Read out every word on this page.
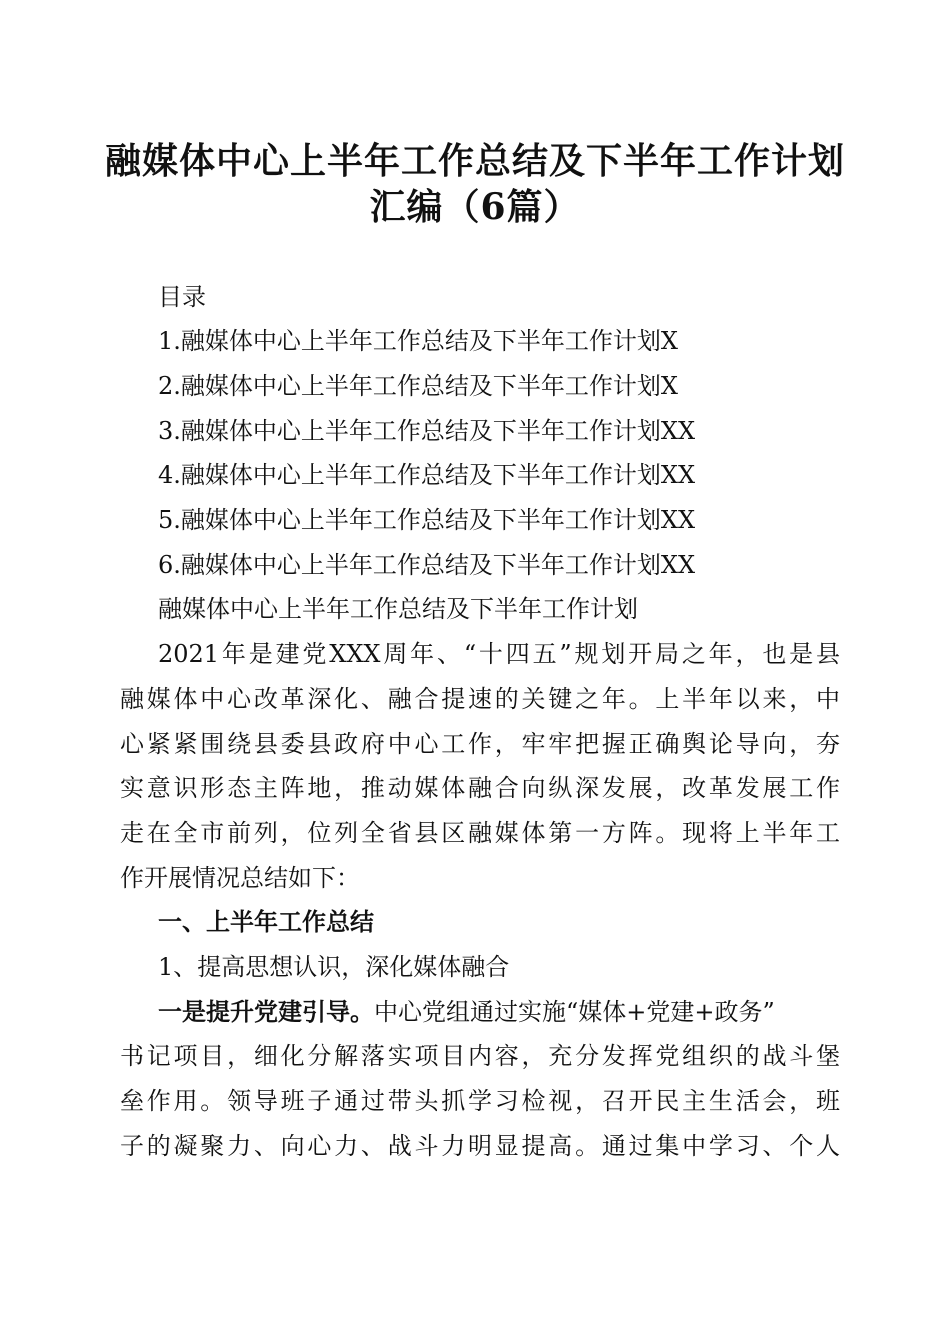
融媒体中心上半年工作总结及下半年工作计划
汇编（6篇）
目录
1.融媒体中心上半年工作总结及下半年工作计划X
2.融媒体中心上半年工作总结及下半年工作计划X
3.融媒体中心上半年工作总结及下半年工作计划XX
4.融媒体中心上半年工作总结及下半年工作计划XX
5.融媒体中心上半年工作总结及下半年工作计划XX
6.融媒体中心上半年工作总结及下半年工作计划XX
融媒体中心上半年工作总结及下半年工作计划
2021年是建党XXX周年、“十四五”规划开局之年，也是县
融媒体中心改革深化、融合提速的关键之年。上半年以来，中
心紧紧围绕县委县政府中心工作，牢牢把握正确舆论导向，夯
实意识形态主阵地，推动媒体融合向纵深发展，改革发展工作
走在全市前列，位列全省县区融媒体第一方阵。现将上半年工
作开展情况总结如下：
一、上半年工作总结
1、提高思想认识，深化媒体融合
一是提升党建引导。中心党组通过实施“媒体+党建+政务”
书记项目，细化分解落实项目内容，充分发挥党组织的战斗堡
垒作用。领导班子通过带头抓学习检视，召开民主生活会，班
子的凝聚力、向心力、战斗力明显提高。通过集中学习、个人
